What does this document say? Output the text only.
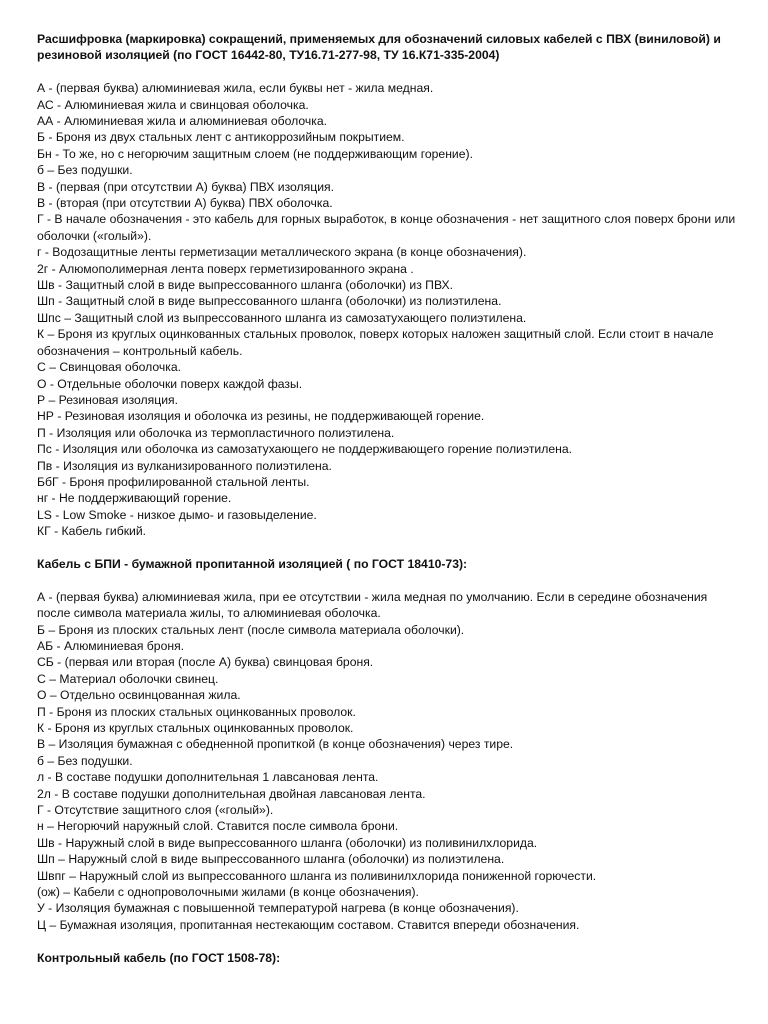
Расшифровка (маркировка) сокращений, применяемых для обозначений силовых кабелей с ПВХ (виниловой) и резиновой изоляцией (по ГОСТ 16442-80, ТУ16.71-277-98, ТУ 16.К71-335-2004)

А - (первая буква) алюминиевая жила, если буквы нет - жила медная.
АС - Алюминиевая жила и свинцовая оболочка.
АА - Алюминиевая жила и алюминиевая оболочка.
Б - Броня из двух стальных лент с антикоррозийным покрытием.
Бн - То же, но с негорючим защитным слоем (не поддерживающим горение).
б – Без подушки.
В - (первая (при отсутствии А) буква) ПВХ изоляция.
В - (вторая (при отсутствии А) буква) ПВХ оболочка.
Г - В начале обозначения - это кабель для горных выработок, в конце обозначения - нет защитного слоя поверх брони или оболочки («голый»).
г - Водозащитные ленты герметизации металлического экрана (в конце обозначения).
2г - Алюмополимерная лента поверх герметизированного экрана .
Шв - Защитный слой в виде выпрессованного шланга (оболочки) из ПВХ.
Шп - Защитный слой в виде выпрессованного шланга (оболочки) из полиэтилена.
Шпс – Защитный слой из выпрессованного шланга из самозатухающего полиэтилена.
К – Броня из круглых оцинкованных стальных проволок, поверх которых наложен защитный слой. Если стоит в начале обозначения – контрольный кабель.
С – Свинцовая оболочка.
О - Отдельные оболочки поверх каждой фазы.
Р – Резиновая изоляция.
НР - Резиновая изоляция и оболочка из резины, не поддерживающей горение.
П - Изоляция или оболочка из термопластичного полиэтилена.
Пс - Изоляция или оболочка из самозатухающего не поддерживающего горение полиэтилена.
Пв - Изоляция из вулканизированного полиэтилена.
БбГ - Броня профилированной стальной ленты.
нг - Не поддерживающий горение.
LS - Low Smoke - низкое дымо- и газовыделение.
КГ - Кабель гибкий.

Кабель с БПИ - бумажной пропитанной изоляцией ( по ГОСТ 18410-73):

А - (первая буква) алюминиевая жила, при ее отсутствии - жила медная по умолчанию. Если в середине обозначения после символа материала жилы, то алюминиевая оболочка.
Б – Броня из плоских стальных лент (после символа материала оболочки).
АБ - Алюминиевая броня.
СБ - (первая или вторая (после А) буква) свинцовая броня.
С – Материал оболочки свинец.
О – Отдельно освинцованная жила.
П - Броня из плоских стальных оцинкованных проволок.
К - Броня из круглых стальных оцинкованных проволок.
В – Изоляция бумажная с обедненной пропиткой (в конце обозначения) через тире.
б – Без подушки.
л - В составе подушки дополнительная 1 лавсановая лента.
2л - В составе подушки дополнительная двойная лавсановая лента.
Г - Отсутствие защитного слоя («голый»).
н – Негорючий наружный слой. Ставится после символа брони.
Шв - Наружный слой в виде выпрессованного шланга (оболочки) из поливинилхлорида.
Шп – Наружный слой в виде выпрессованного шланга (оболочки) из полиэтилена.
Швпг – Наружный слой из выпрессованного шланга из поливинилхлорида пониженной горючести.
(ож) – Кабели с однопроволочными жилами (в конце обозначения).
У - Изоляция бумажная с повышенной температурой нагрева (в конце обозначения).
Ц – Бумажная изоляция, пропитанная нестекающим составом. Ставится впереди обозначения.

Контрольный кабель (по ГОСТ 1508-78):
